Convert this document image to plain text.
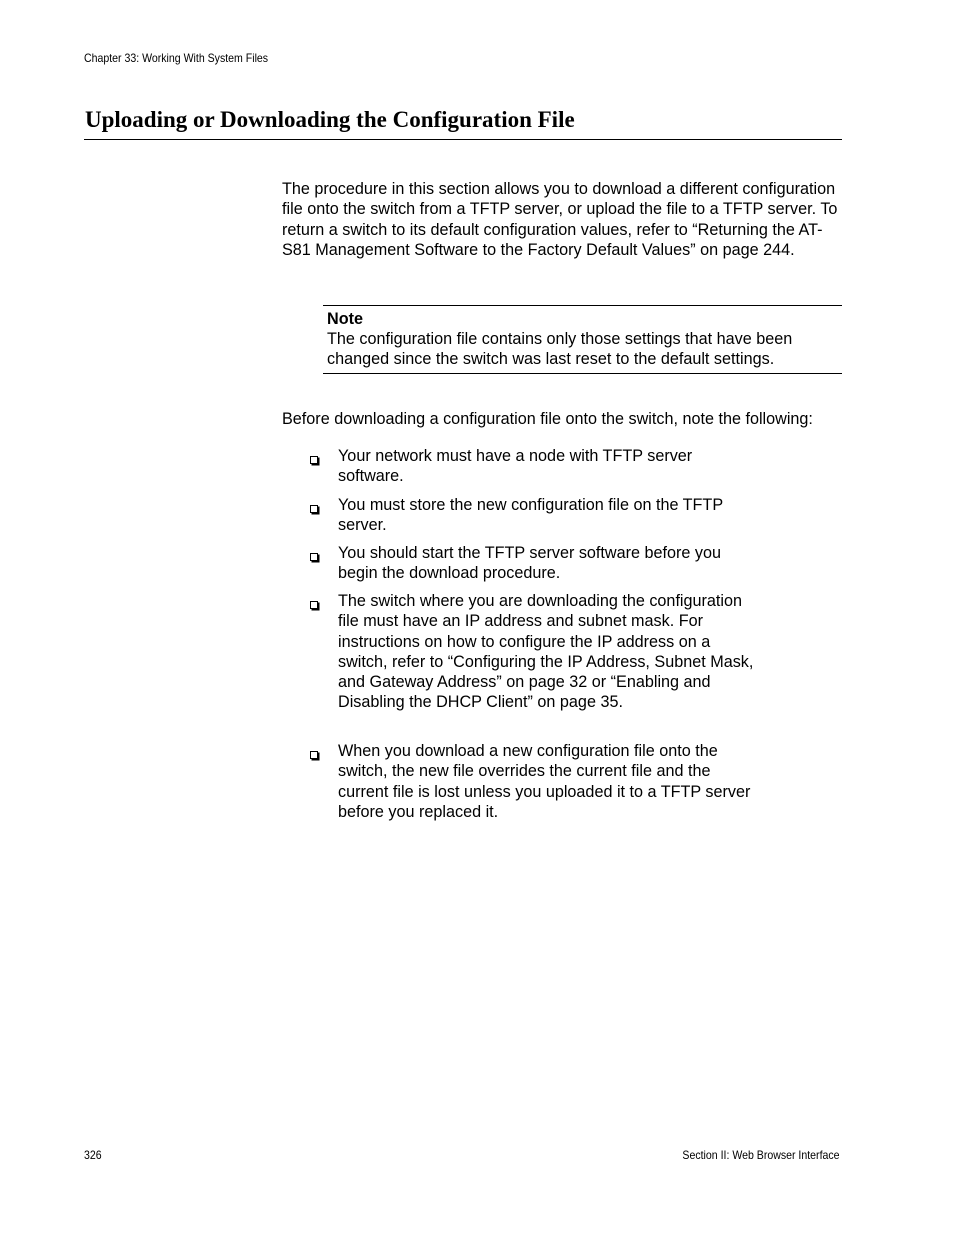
Chapter 33: Working With System Files
Uploading or Downloading the Configuration File

The procedure in this section allows you to download a different configuration file onto the switch from a TFTP server, or upload the file to a TFTP server. To return a switch to its default configuration values, refer to “Returning the AT-S81 Management Software to the Factory Default Values” on page 244.

Note

The configuration file contains only those settings that have been changed since the switch was last reset to the default settings.

Before downloading a configuration file onto the switch, note the following:

Your network must have a node with TFTP server software.
You must store the new configuration file on the TFTP server.
You should start the TFTP server software before you begin the download procedure.
The switch where you are downloading the configuration file must have an IP address and subnet mask. For instructions on how to configure the IP address on a switch, refer to “Configuring the IP Address, Subnet Mask, and Gateway Address” on page 32 or “Enabling and Disabling the DHCP Client” on page 35.
When you download a new configuration file onto the switch, the new file overrides the current file and the current file is lost unless you uploaded it to a TFTP server before you replaced it.
326	Section II: Web Browser Interface
